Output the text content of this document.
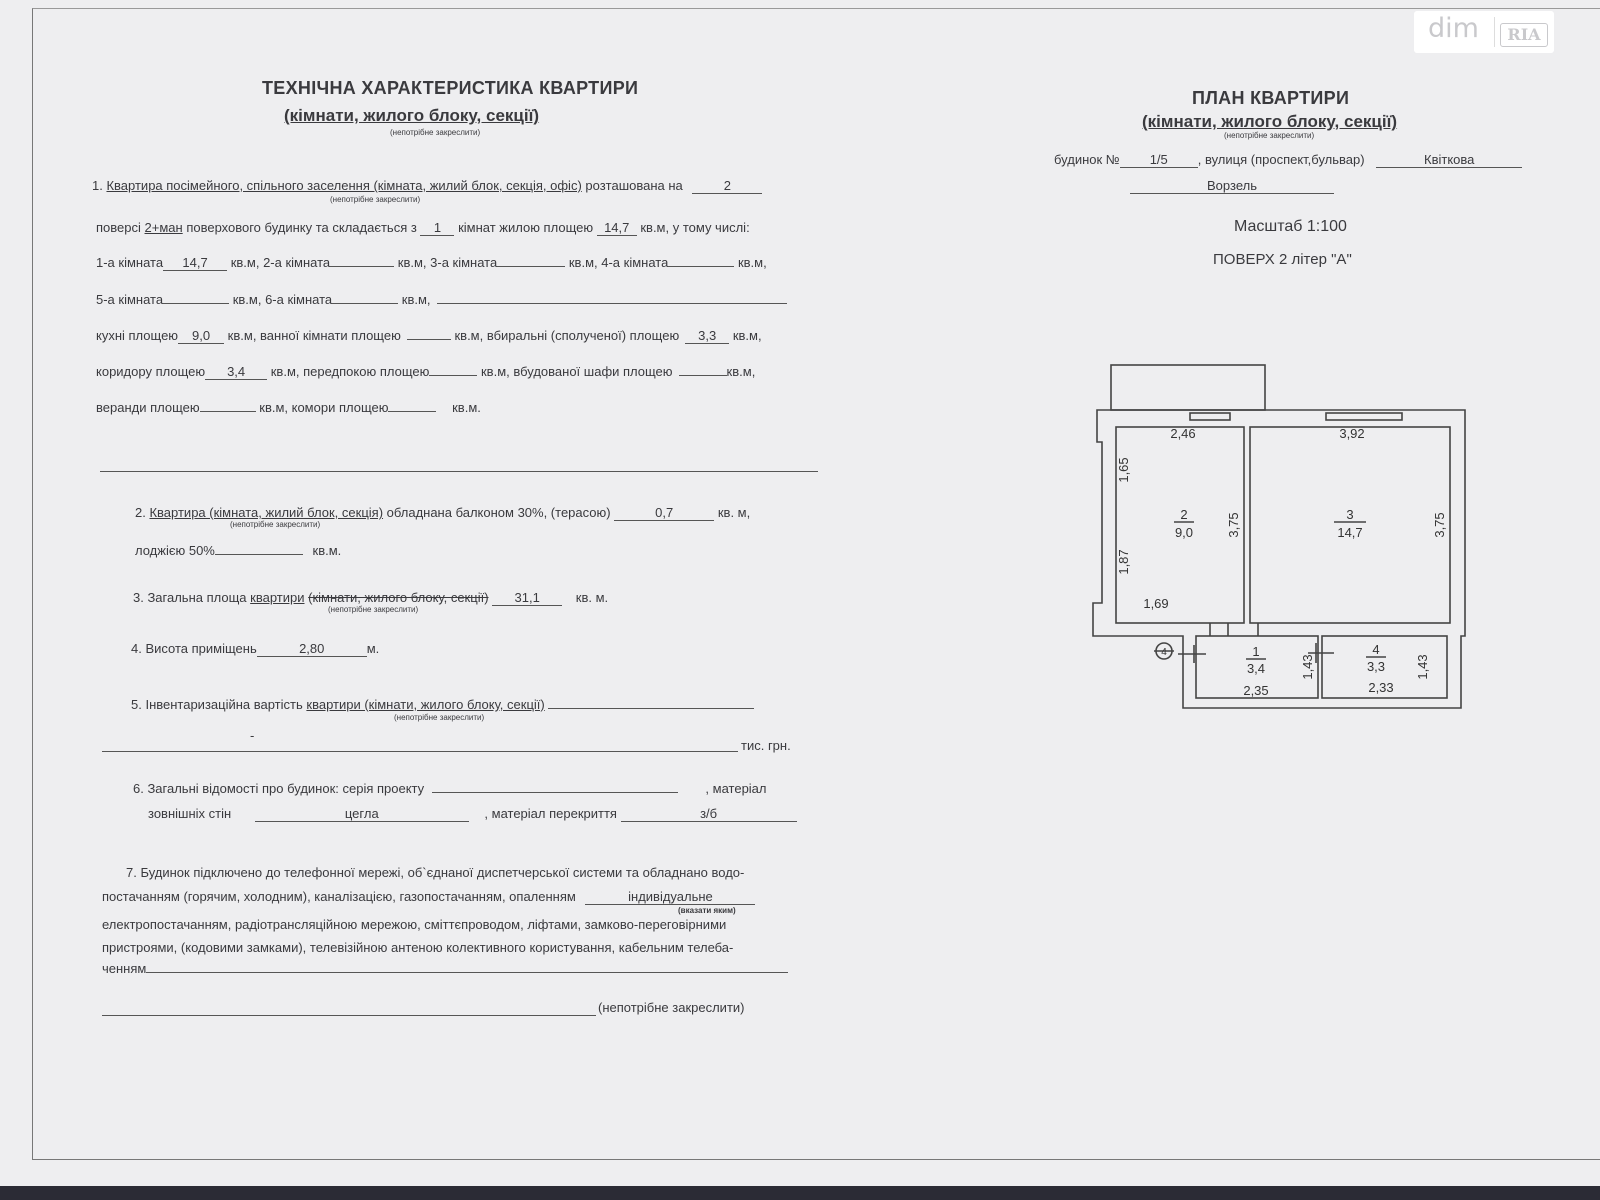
dim	RIA
ТЕХНІЧНА ХАРАКТЕРИСТИКА КВАРТИРИ
(кімнати, жилого блоку, секції)
(непотрібне закреслити)
1. Квартира посімейного, спільного заселення (кімната, жилий блок, секція, офіс) розташована на	2
(непотрібне закреслити)
поверсі 2+ман поверхового будинку та складається з 1 кімнат жилою площею 14,7 кв.м, у тому числі:
1-а кімната 14,7 кв.м, 2-а кімната	кв.м, 3-а кімната	кв.м, 4-а кімната	кв.м,
5-а кімната	кв.м, 6-а кімната	кв.м,
кухні площею 9,0 кв.м, ванної кімнати площею	кв.м, вбиральні (сполученої) площею 3,3 кв.м,
коридору площею 3,4 кв.м, передпокою площею	кв.м, вбудованої шафи площею	кв.м,
веранди площею	кв.м, комори площею	кв.м.
2. Квартира (кімната, жилий блок, секція) обладнана балконом 30%, (терасою)	0,7	кв. м,
(непотрібне закреслити)
лоджією 50%	кв.м.
3. Загальна площа квартири (кімнати, жилого блоку, секції) 31,1	кв. м.
(непотрібне закреслити)
4. Висота приміщень	2,80	м.
5. Інвентаризаційна вартість квартири (кімнати, жилого блоку, секції)
(непотрібне закреслити)
-
тис. грн.
6. Загальні відомості про будинок: серія проекту	, матеріал
зовнішніх стін	цегла	, матеріал перекриття	з/б
7. Будинок підключено до телефонної мережі, об`єднаної диспетчерської системи та обладнано водо-
постачанням (горячим, холодним), каналізацією, газопостачанням, опаленням	індивідуальне
(вказати яким)
електропостачанням, радіотрансляційною мережою, сміттєпроводом, ліфтами, замково-переговірними
пристроями, (кодовими замками), телевізійною антеною колективного користування, кабельним телеба-
ченням
(непотрібне закреслити)
ПЛАН КВАРТИРИ
(кімнати, жилого блоку, секції)
(непотрібне закреслити)
будинок № 1/5 , вулиця (проспект,бульвар)	Квіткова
Ворзель
Масштаб 1:100
ПОВЕРХ 2 літер "А"
2,46	3,92
1,65
1,87
3,75	3,75
1,69
1,43	1,43
2,35	2,33
2
9,0
3
14,7
1
3,4
4
3,3
4
